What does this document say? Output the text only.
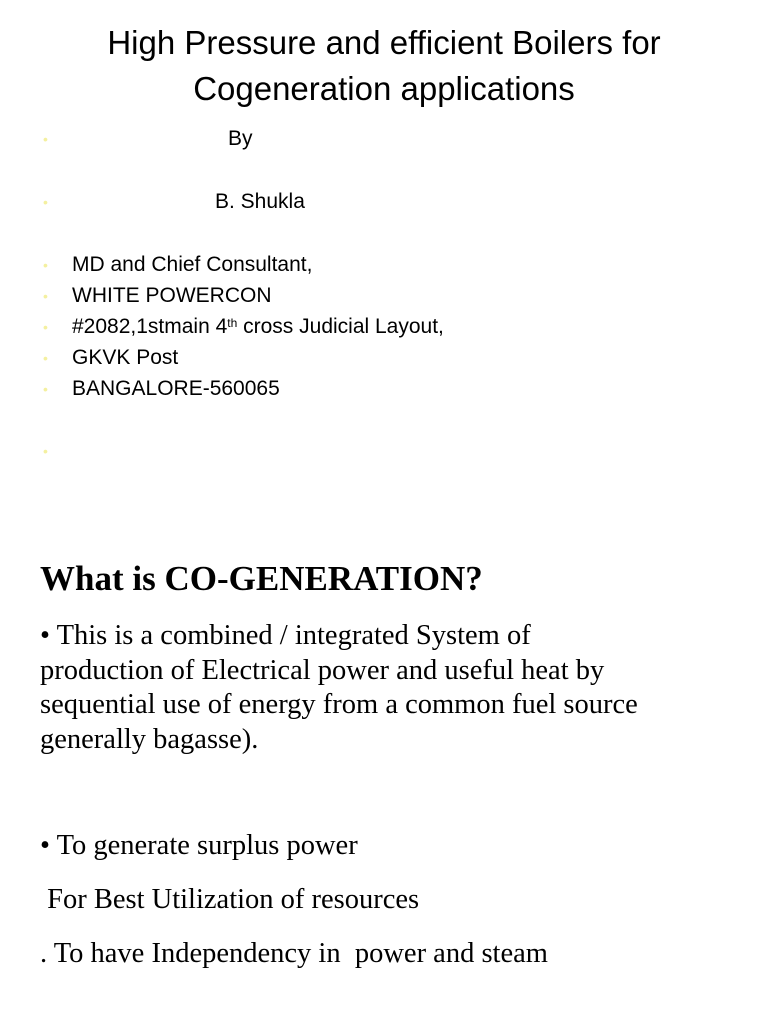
High Pressure and efficient Boilers for
Cogeneration applications
•	By
•	B. Shukla
• MD and Chief Consultant,
• WHITE POWERCON
• #2082,1stmain 4th cross Judicial Layout,
• GKVK Post
• BANGALORE-560065
•
What is CO-GENERATION?

• This is a combined / integrated System of
production of Electrical power and useful heat by
sequential use of energy from a common fuel source
generally bagasse).

• To generate surplus power

For Best Utilization of resources

. To have Independency in  power and steam
